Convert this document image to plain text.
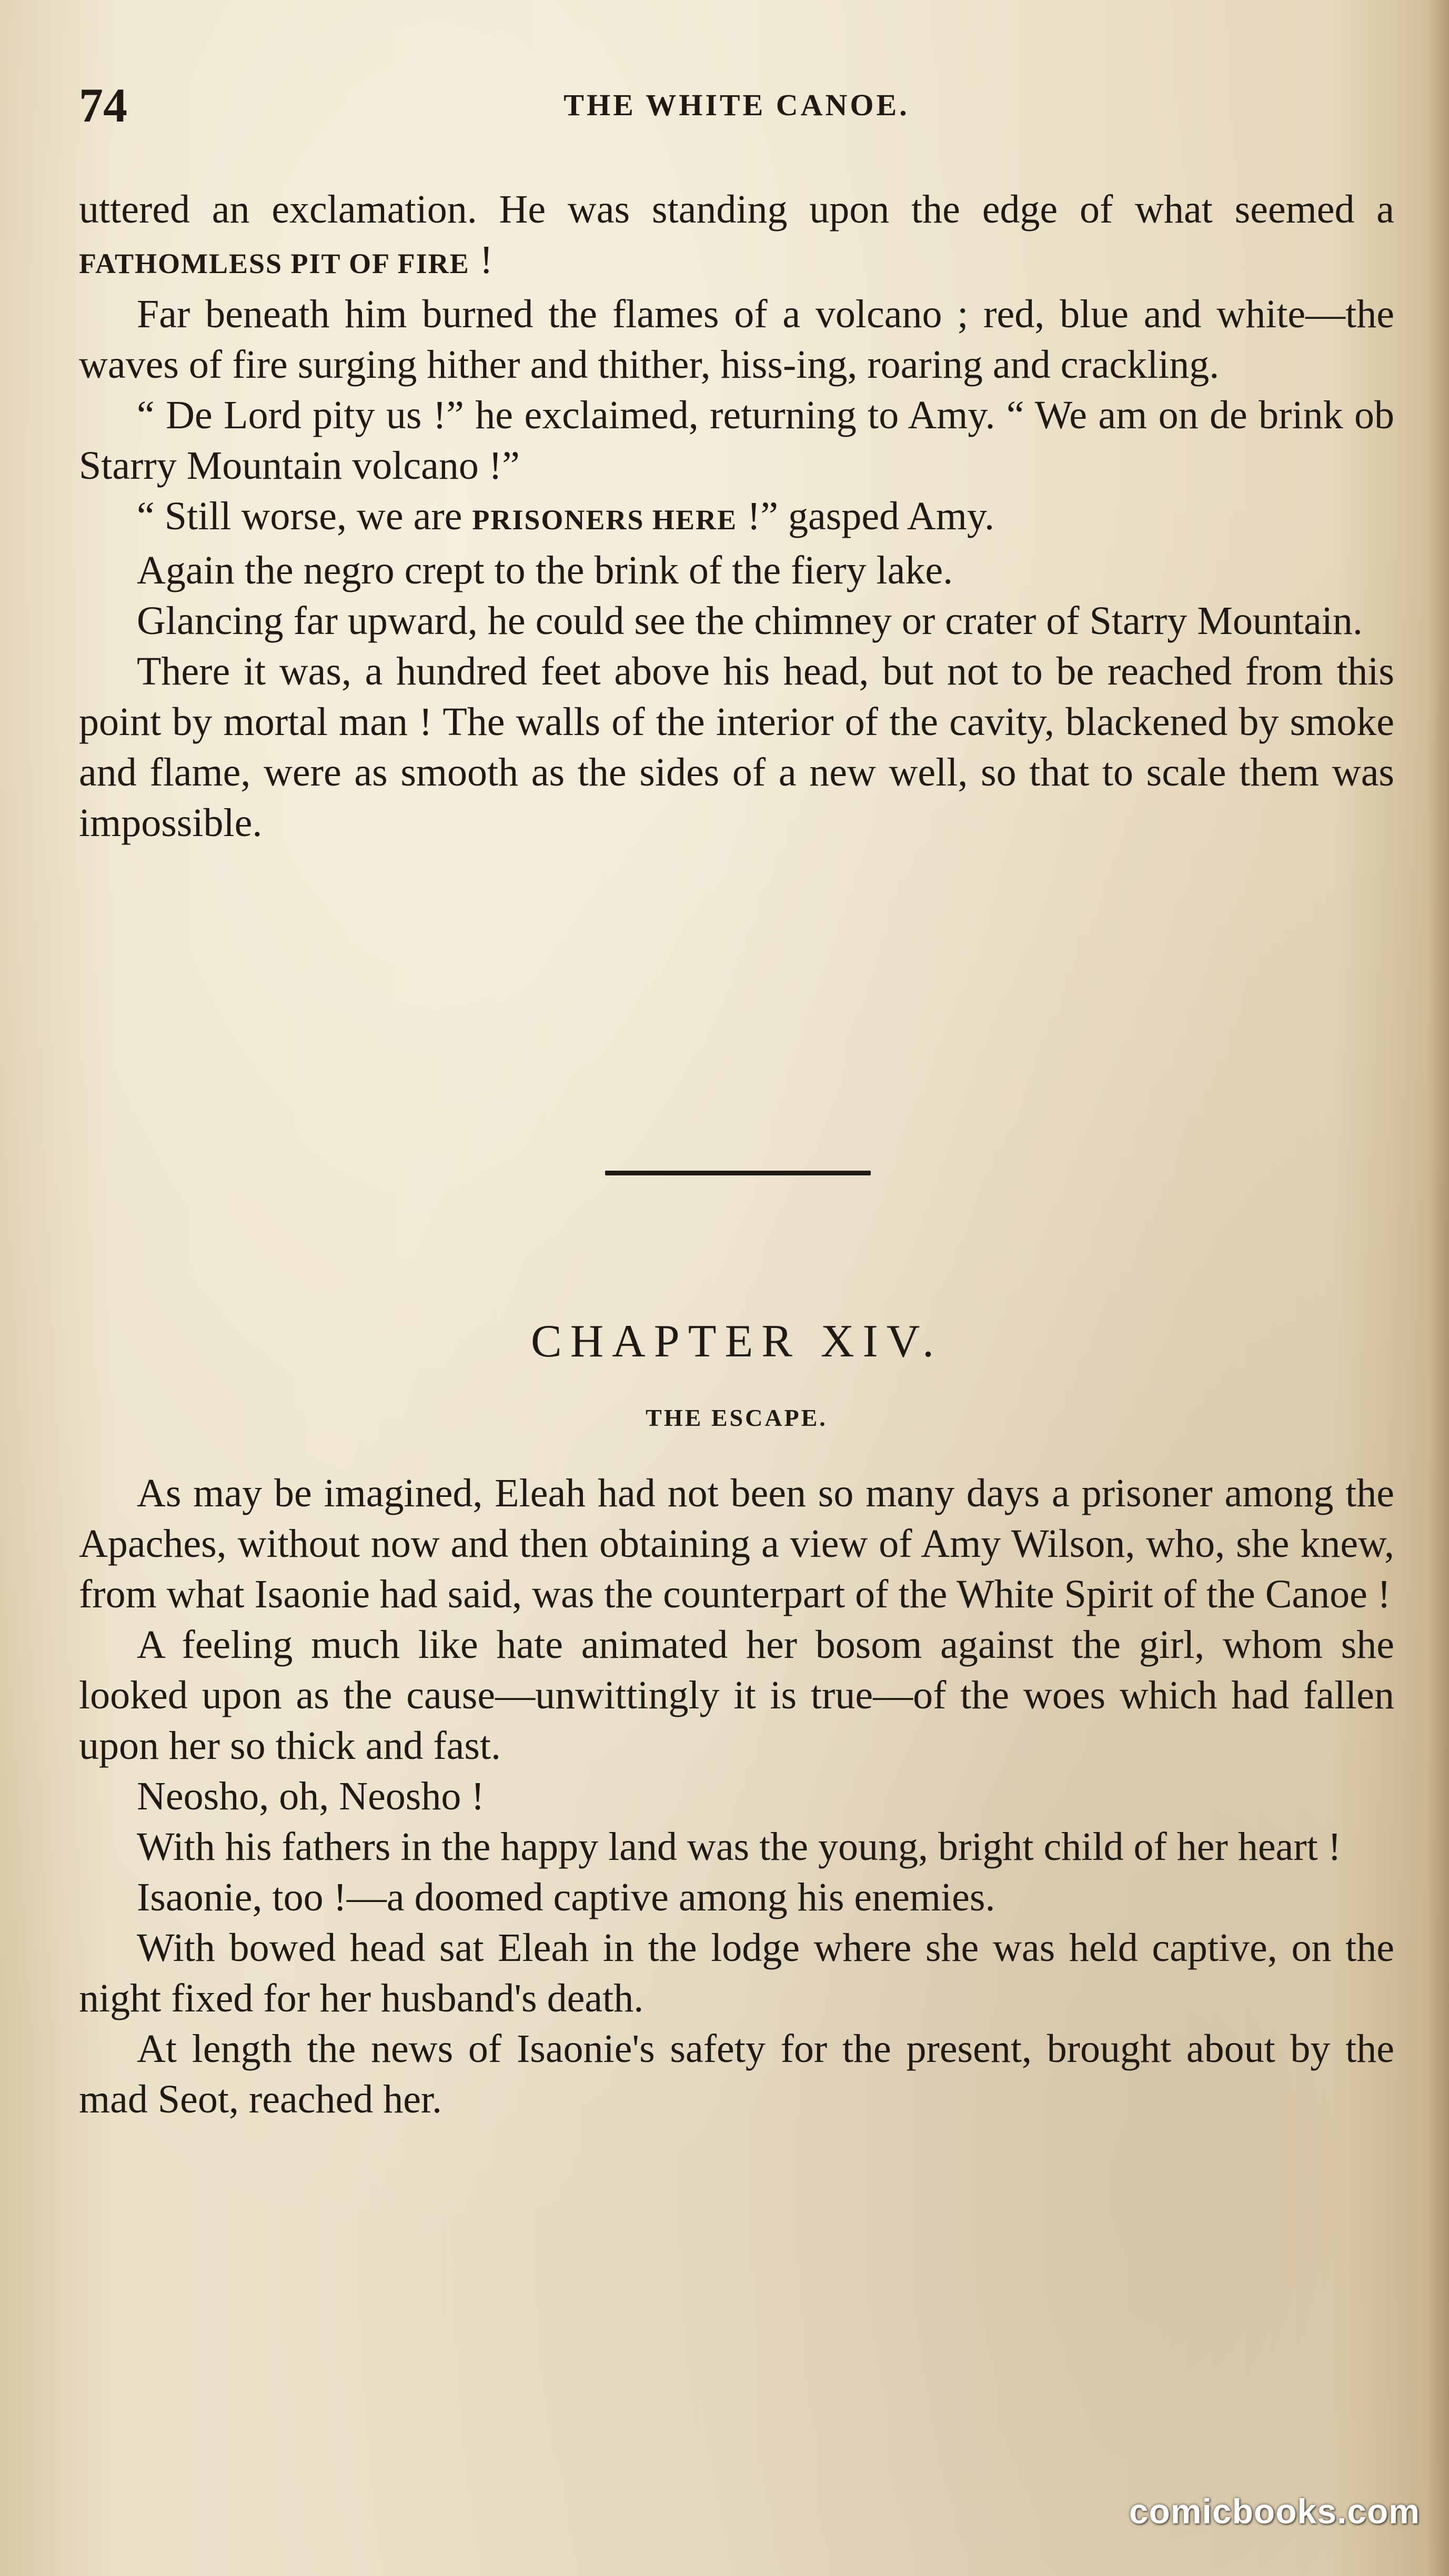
74	THE WHITE CANOE.

uttered an exclamation. He was standing upon the edge of what seemed a FATHOMLESS PIT OF FIRE !

Far beneath him burned the flames of a volcano ; red, blue and white—the waves of fire surging hither and thither, hiss-ing, roaring and crackling.

“ De Lord pity us !” he exclaimed, returning to Amy. “ We am on de brink ob Starry Mountain volcano !”

“ Still worse, we are PRISONERS HERE !” gasped Amy.

Again the negro crept to the brink of the fiery lake.

Glancing far upward, he could see the chimney or crater of Starry Mountain.

There it was, a hundred feet above his head, but not to be reached from this point by mortal man ! The walls of the interior of the cavity, blackened by smoke and flame, were as smooth as the sides of a new well, so that to scale them was impossible.

CHAPTER XIV.
THE ESCAPE.

As may be imagined, Eleah had not been so many days a prisoner among the Apaches, without now and then obtaining a view of Amy Wilson, who, she knew, from what Isaonie had said, was the counterpart of the White Spirit of the Canoe !

A feeling much like hate animated her bosom against the girl, whom she looked upon as the cause—unwittingly it is true—of the woes which had fallen upon her so thick and fast.

Neosho, oh, Neosho !

With his fathers in the happy land was the young, bright child of her heart !

Isaonie, too !—a doomed captive among his enemies.

With bowed head sat Eleah in the lodge where she was held captive, on the night fixed for her husband's death.

At length the news of Isaonie's safety for the present, brought about by the mad Seot, reached her.

comicbooks.com
